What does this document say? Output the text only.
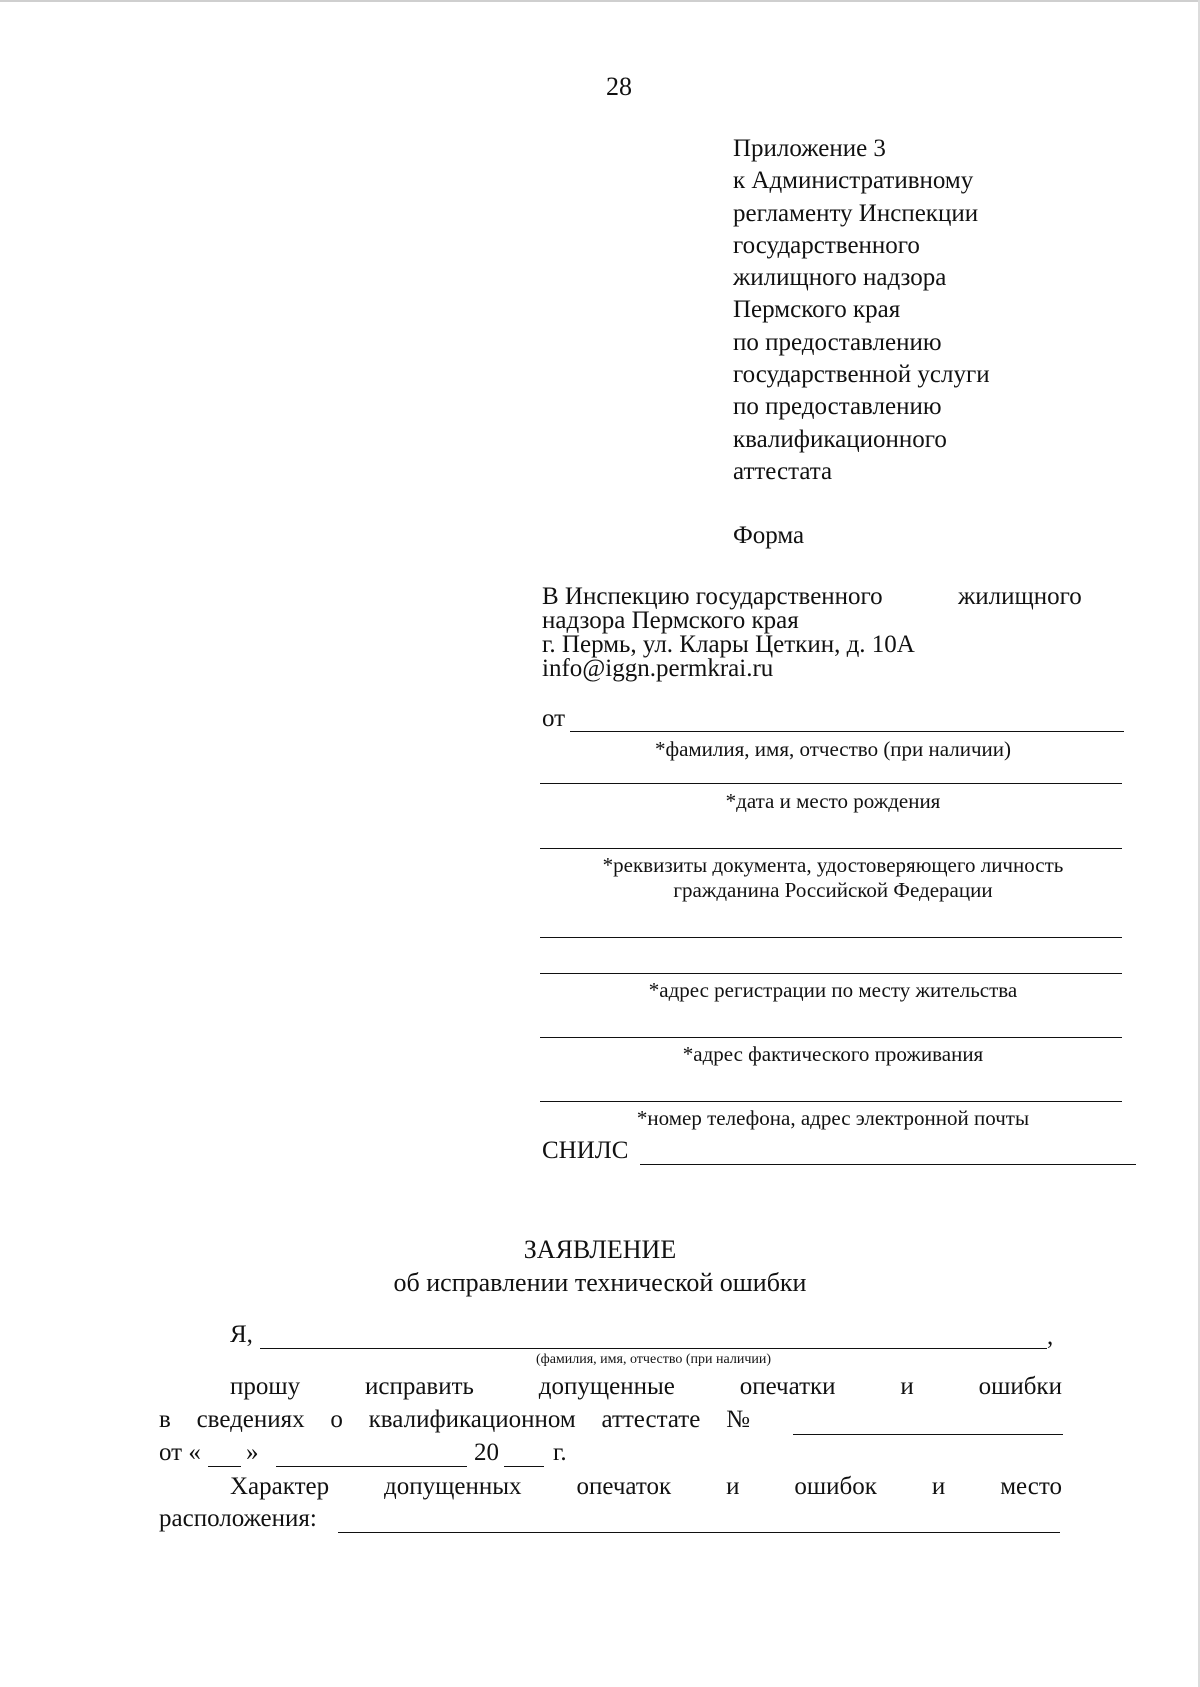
28
Приложение 3
к Административному
регламенту Инспекции
государственного
жилищного надзора
Пермского края
по предоставлению
государственной услуги
по предоставлению
квалификационного
аттестата
Форма
В Инспекцию государственного	жилищного
надзора Пермского края
г. Пермь, ул. Клары Цеткин, д. 10А
info@iggn.permkrai.ru
от
*фамилия, имя, отчество (при наличии)
*дата и место рождения
*реквизиты документа, удостоверяющего личность
гражданина Российской Федерации
*адрес регистрации по месту жительства
*адрес фактического проживания
*номер телефона, адрес электронной почты
СНИЛС
ЗАЯВЛЕНИЕ
об исправлении технической ошибки
Я,	,
(фамилия, имя, отчество (при наличии)
прошу	исправить	допущенные	опечатки	и	ошибки
в сведениях о квалификационном аттестате №
от « »	20 г.
Характер допущенных опечаток и ошибок и место
расположения:
